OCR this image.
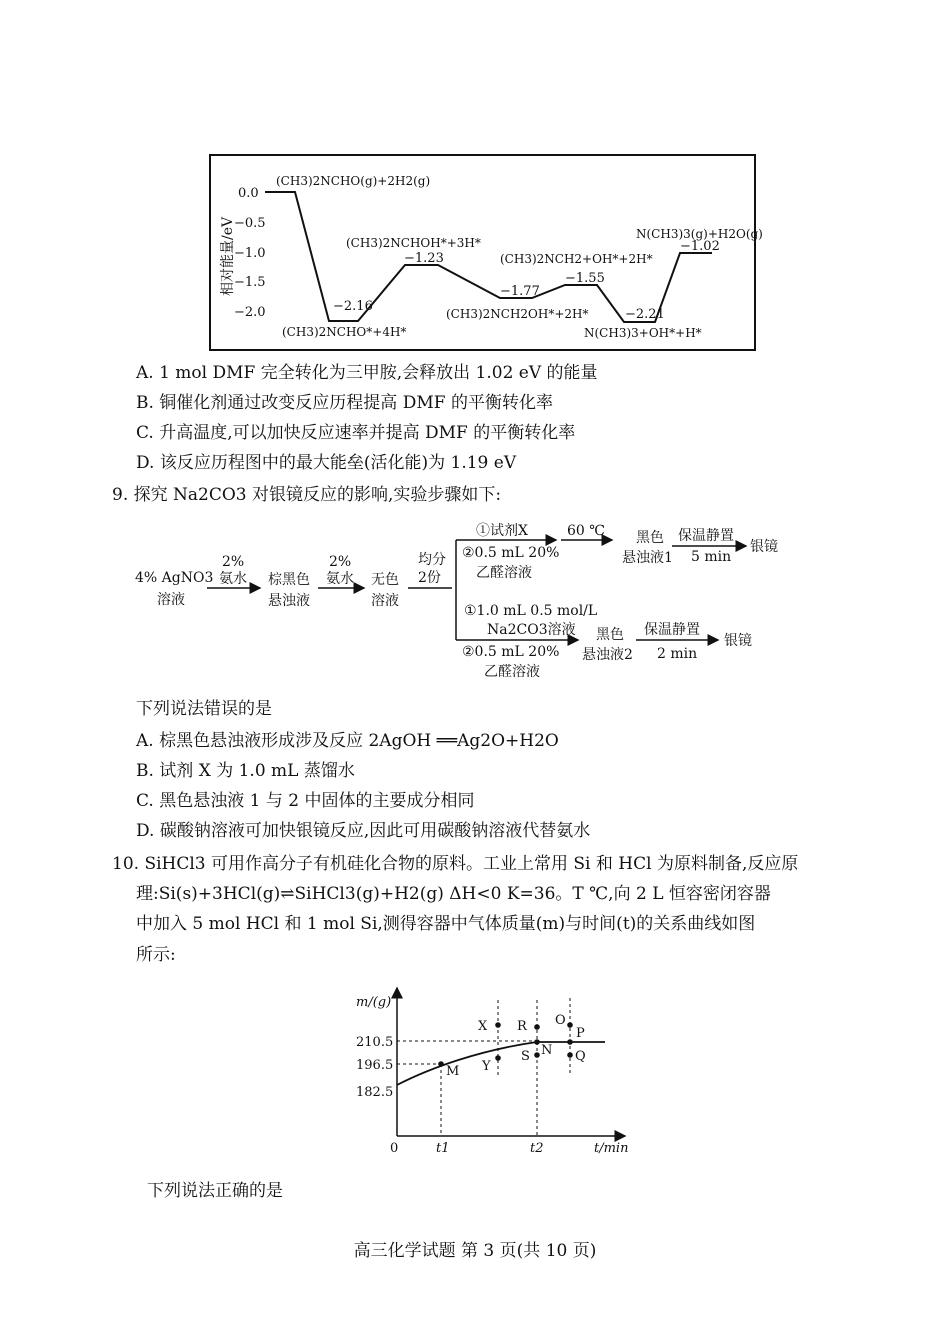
相对能量/eV
0.0
−0.5
−1.0
−1.5
−2.0
(CH3)2NCHO(g)+2H2(g)
(CH3)2NCHO*+4H*
(CH3)2NCHOH*+3H*
(CH3)2NCH2OH*+2H*
(CH3)2NCH2+OH*+2H*
N(CH3)3+OH*+H*
N(CH3)3(g)+H2O(g)
−2.16
−1.23
−1.77
−1.55
−2.21
−1.02
A. 1 mol DMF 完全转化为三甲胺,会释放出 1.02 eV 的能量
B. 铜催化剂通过改变反应历程提高 DMF 的平衡转化率
C. 升高温度,可以加快反应速率并提高 DMF 的平衡转化率
D. 该反应历程图中的最大能垒(活化能)为 1.19 eV
9. 探究 Na2CO3 对银镜反应的影响,实验步骤如下:
4% AgNO3
溶液
2%
氨水 棕黑色
悬浊液
2%
氨水 无色
溶液
均分
2份
①试剂X
②0.5 mL 20%
乙醛溶液
60 ℃ 黑色
悬浊液1
保温静置
5 min
银镜
①1.0 mL 0.5 mol/L
Na2CO3溶液
②0.5 mL 20%
乙醛溶液
黑色
悬浊液2
保温静置
2 min
银镜
下列说法错误的是
A. 棕黑色悬浊液形成涉及反应 2AgOH ══Ag2O+H2O
B. 试剂 X 为 1.0 mL 蒸馏水
C. 黑色悬浊液 1 与 2 中固体的主要成分相同
D. 碳酸钠溶液可加快银镜反应,因此可用碳酸钠溶液代替氨水
10. SiHCl3 可用作高分子有机硅化合物的原料。工业上常用 Si 和 HCl 为原料制备,反应原
理:Si(s)+3HCl(g)⇌SiHCl3(g)+H2(g) ΔH<0 K=36。T ℃,向 2 L 恒容密闭容器
中加入 5 mol HCl 和 1 mol Si,测得容器中气体质量(m)与时间(t)的关系曲线如图
所示:
m/(g)
t/min
0
210.5
196.5
182.5
t1	t2
M
X
Y
R
S N
O
P
Q
下列说法正确的是
高三化学试题 第 3 页(共 10 页)
